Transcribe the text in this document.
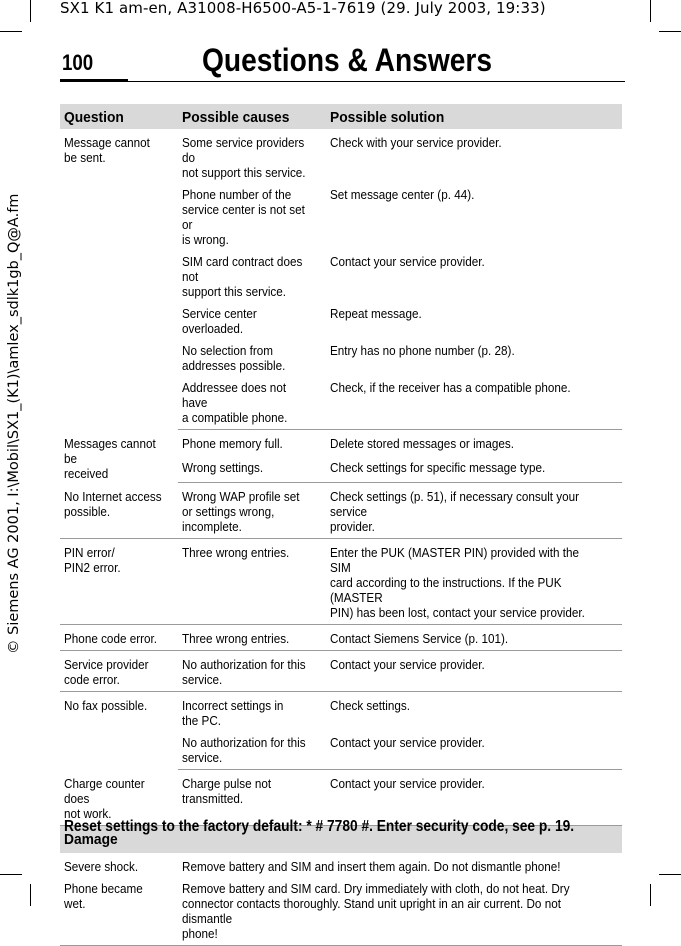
SX1 K1 am-en, A31008-H6500-A5-1-7619 (29. July 2003, 19:33)
© Siemens AG 2001, I:\Mobil\SX1_(K1)\amlex_sdlk1gb_Q@A.fm
100	Questions & Answers
Question	Possible causes	Possible solution
Message cannot
be sent.	Some service providers do
not support this service.	Check with your service provider.
	Phone number of the
service center is not set or
is wrong.	Set message center (p. 44).
	SIM card contract does not
support this service.	Contact your service provider.
	Service center overloaded.	Repeat message.
	No selection from
addresses possible.	Entry has no phone number (p. 28).
	Addressee does not have
a compatible phone.	Check, if the receiver has a compatible phone.
Messages cannot be
received	Phone memory full.	Delete stored messages or images.
	Wrong settings.	Check settings for specific message type.
No Internet access
possible.	Wrong WAP profile set
or settings wrong,
incomplete.	Check settings (p. 51), if necessary consult your service
provider.
PIN error/
PIN2 error.	Three wrong entries.	Enter the PUK (MASTER PIN) provided with the SIM
card according to the instructions. If the PUK (MASTER
PIN) has been lost, contact your service provider.
Phone code error.	Three wrong entries.	Contact Siemens Service (p. 101).
Service provider
code error.	No authorization for this
service.	Contact your service provider.
No fax possible.	Incorrect settings in
the PC.	Check settings.
	No authorization for this
service.	Contact your service provider.
Charge counter does
not work.	Charge pulse not
transmitted.	Contact your service provider.
Damage		
Severe shock.	Remove battery and SIM and insert them again. Do not dismantle phone!	
Phone became wet.	Remove battery and SIM card. Dry immediately with cloth, do not heat. Dry
connector contacts thoroughly. Stand unit upright in an air current. Do not dismantle
phone!	
Reset settings to the factory default: * # 7780 #. Enter security code, see p. 19.
